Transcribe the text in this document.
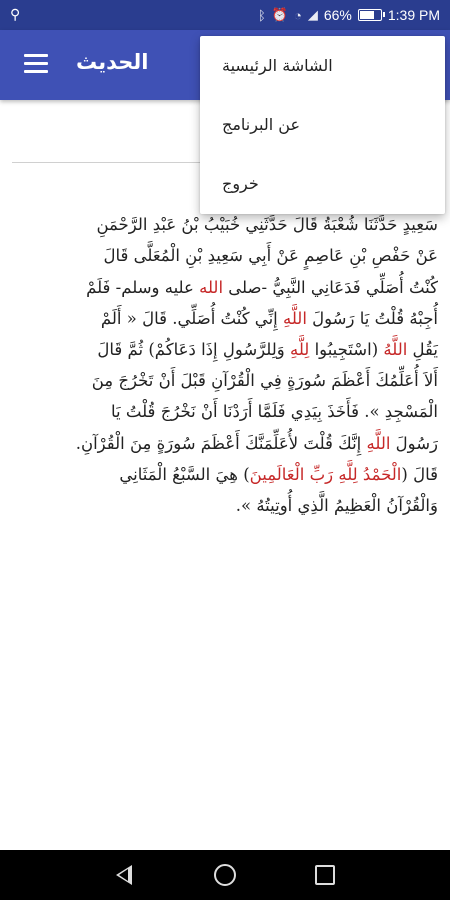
⚲	ᛒ ⏰ ◔ ◢ 66%	1:39 PM
الحديث
سَعِيدٍ حَدَّثَنَا شُعْبَةُ قَالَ حَدَّثَنِي خُبَيْبُ بْنُ عَبْدِ الرَّحْمَنِ
عَنْ حَفْصِ بْنِ عَاصِمٍ عَنْ أَبِي سَعِيدِ بْنِ الْمُعَلَّى قَالَ
كُنْتُ أُصَلِّي فَدَعَانِي النَّبِيُّ -صلى الله عليه وسلم- فَلَمْ
أُجِبْهُ قُلْتُ يَا رَسُولَ اللَّهِ إِنِّي كُنْتُ أُصَلِّي. قَالَ « أَلَمْ
يَقُلِ اللَّهُ (اسْتَجِيبُوا لِلَّهِ وَلِلرَّسُولِ إِذَا دَعَاكُمْ) ثُمَّ قَالَ
أَلاَ أُعَلِّمُكَ أَعْظَمَ سُورَةٍ فِي الْقُرْآنِ قَبْلَ أَنْ تَخْرُجَ مِنَ
الْمَسْجِدِ ». فَأَخَذَ بِيَدِي فَلَمَّا أَرَدْنَا أَنْ نَخْرُجَ قُلْتُ يَا
رَسُولَ اللَّهِ إِنَّكَ قُلْتَ لأُعَلِّمَنَّكَ أَعْظَمَ سُورَةٍ مِنَ الْقُرْآنِ.
قَالَ (الْحَمْدُ لِلَّهِ رَبِّ الْعَالَمِينَ) هِيَ السَّبْعُ الْمَثَانِي
وَالْقُرْآنُ الْعَظِيمُ الَّذِي أُوتِيتُهُ ».
الشاشة الرئيسية
عن البرنامج
خروج
